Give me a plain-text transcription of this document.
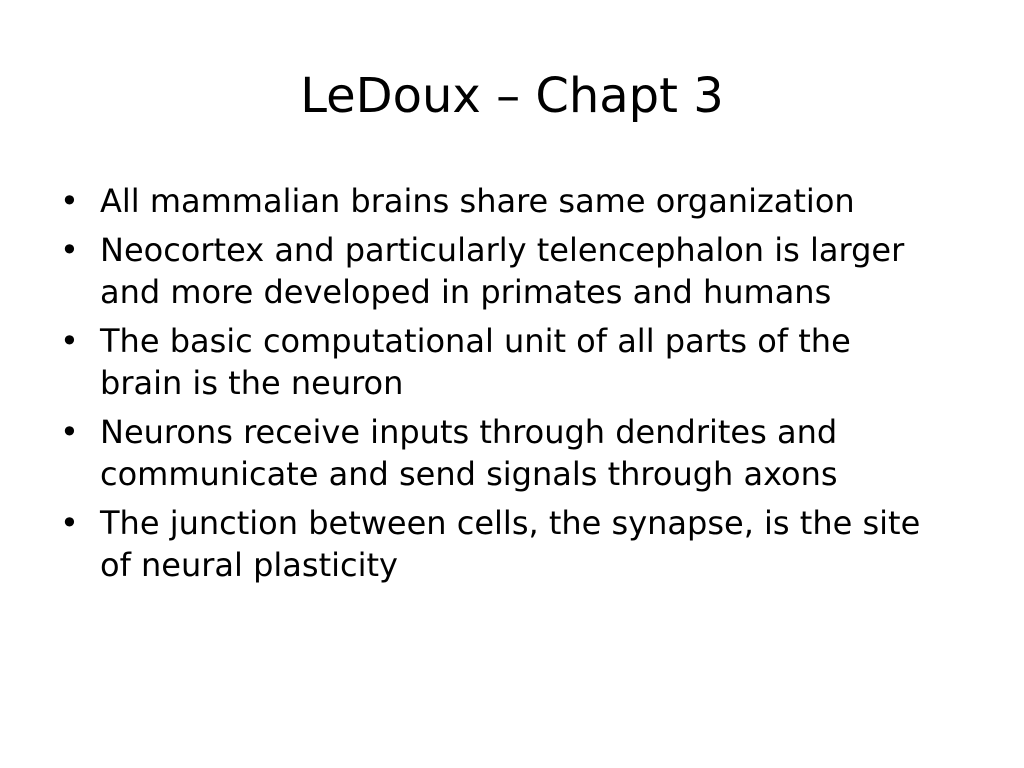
LeDoux – Chapt 3
• All mammalian brains share same organization
• Neocortex and particularly telencephalon is larger and more developed in primates and humans
• The basic computational unit of all parts of the brain is the neuron
• Neurons receive inputs through dendrites and communicate and send signals through axons
• The junction between cells, the synapse, is the site of neural plasticity
